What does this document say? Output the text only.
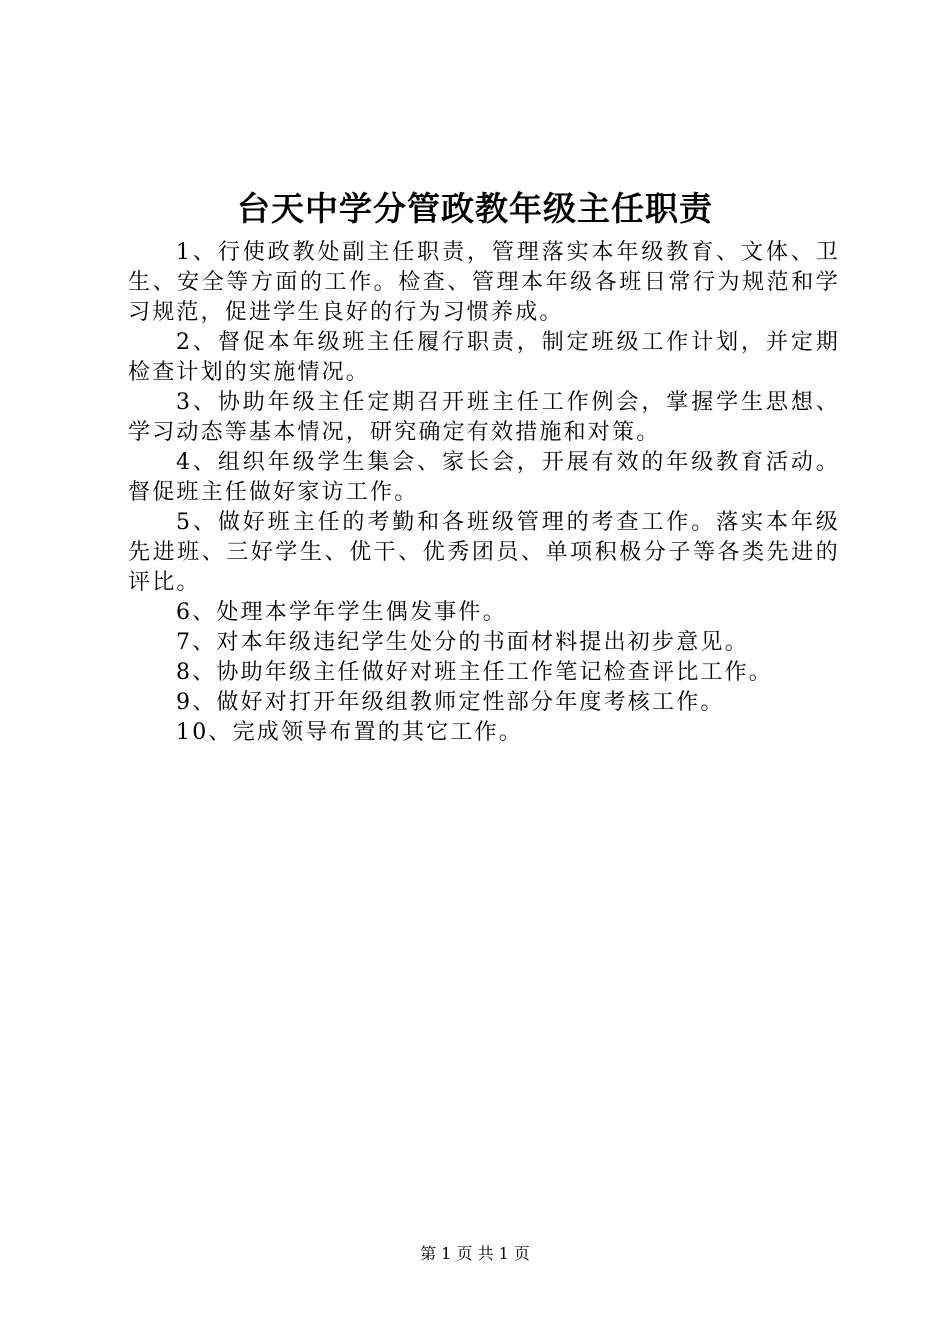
台天中学分管政教年级主任职责

1、行使政教处副主任职责，管理落实本年级教育、文体、卫生、安全等方面的工作。检查、管理本年级各班日常行为规范和学习规范，促进学生良好的行为习惯养成。

2、督促本年级班主任履行职责，制定班级工作计划，并定期检查计划的实施情况。

3、协助年级主任定期召开班主任工作例会，掌握学生思想、学习动态等基本情况，研究确定有效措施和对策。

4、组织年级学生集会、家长会，开展有效的年级教育活动。督促班主任做好家访工作。

5、做好班主任的考勤和各班级管理的考查工作。落实本年级先进班、三好学生、优干、优秀团员、单项积极分子等各类先进的评比。

6、处理本学年学生偶发事件。

7、对本年级违纪学生处分的书面材料提出初步意见。

8、协助年级主任做好对班主任工作笔记检查评比工作。

9、做好对打开年级组教师定性部分年度考核工作。

10、完成领导布置的其它工作。

第 1 页 共 1 页
